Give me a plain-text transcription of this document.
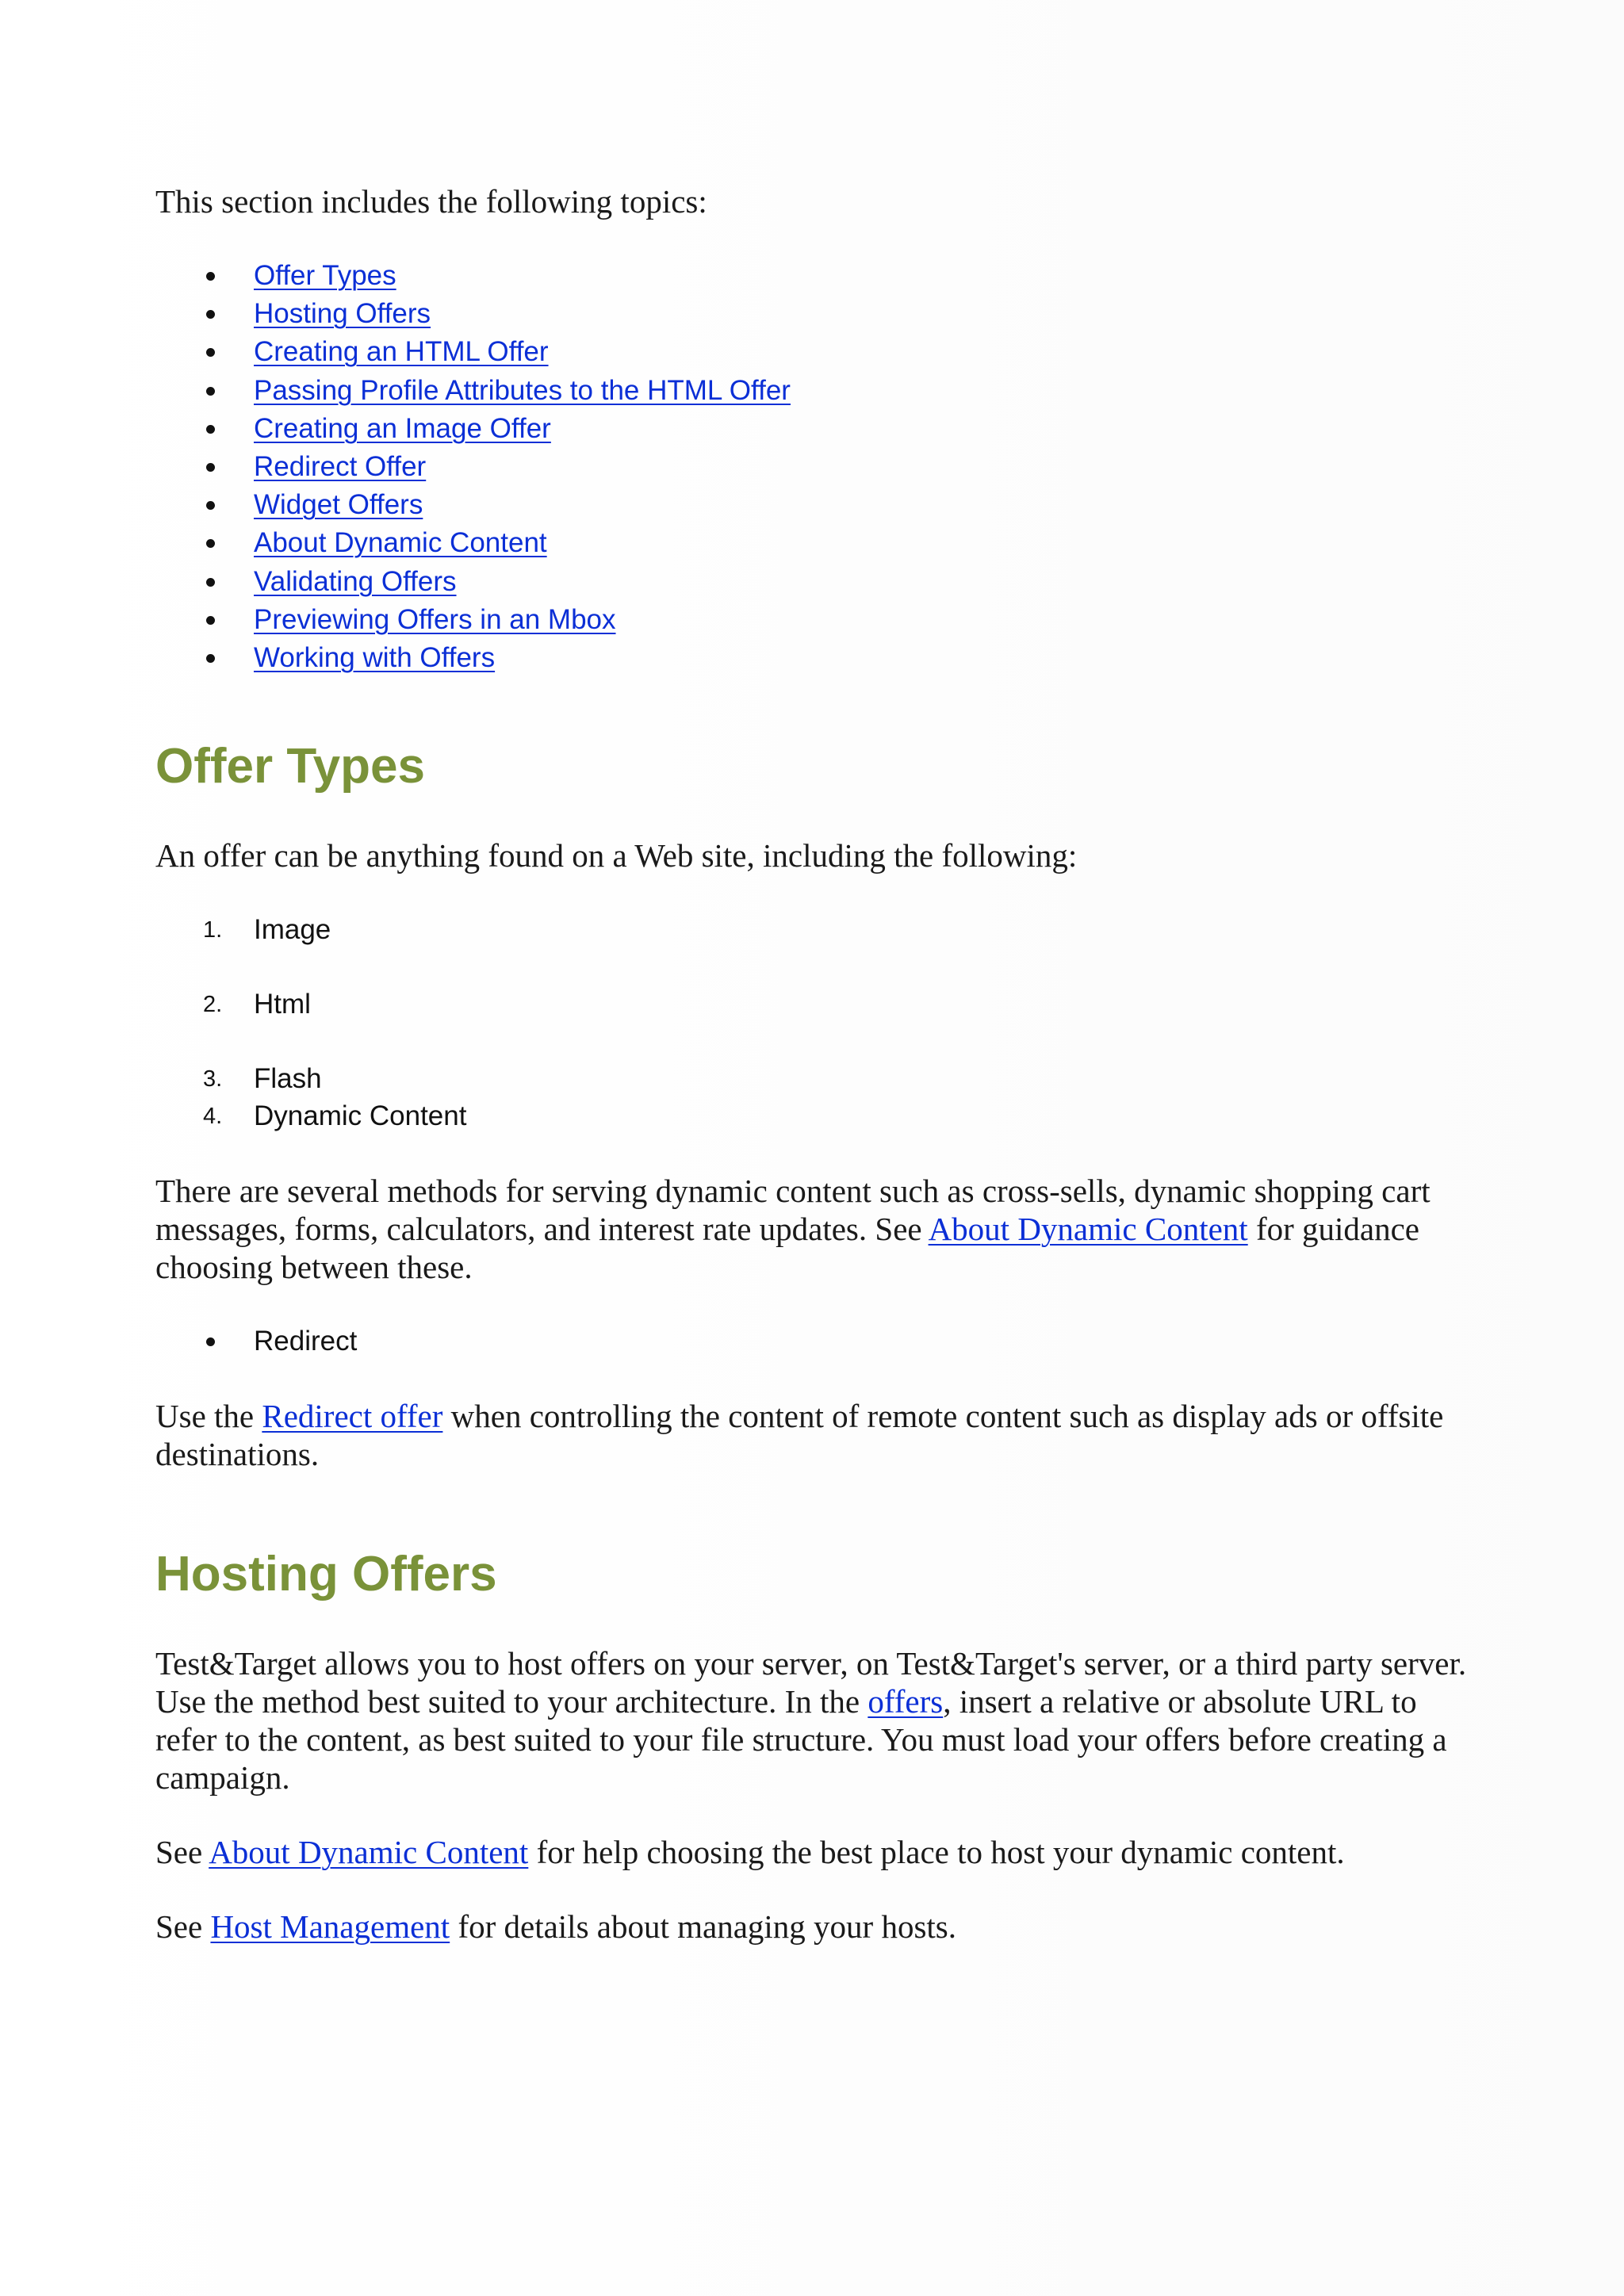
This section includes the following topics:

Offer Types
Hosting Offers
Creating an HTML Offer
Passing Profile Attributes to the HTML Offer
Creating an Image Offer
Redirect Offer
Widget Offers
About Dynamic Content
Validating Offers
Previewing Offers in an Mbox
Working with Offers
Offer Types

An offer can be anything found on a Web site, including the following:

1. Image
2. Html
3. Flash
4. Dynamic Content

There are several methods for serving dynamic content such as cross-sells, dynamic shopping cart messages, forms, calculators, and interest rate updates. See About Dynamic Content for guidance choosing between these.

Redirect

Use the Redirect offer when controlling the content of remote content such as display ads or offsite destinations.

Hosting Offers

Test&Target allows you to host offers on your server, on Test&Target's server, or a third party server. Use the method best suited to your architecture. In the offers, insert a relative or absolute URL to refer to the content, as best suited to your file structure. You must load your offers before creating a campaign.

See About Dynamic Content for help choosing the best place to host your dynamic content.

See Host Management for details about managing your hosts.
